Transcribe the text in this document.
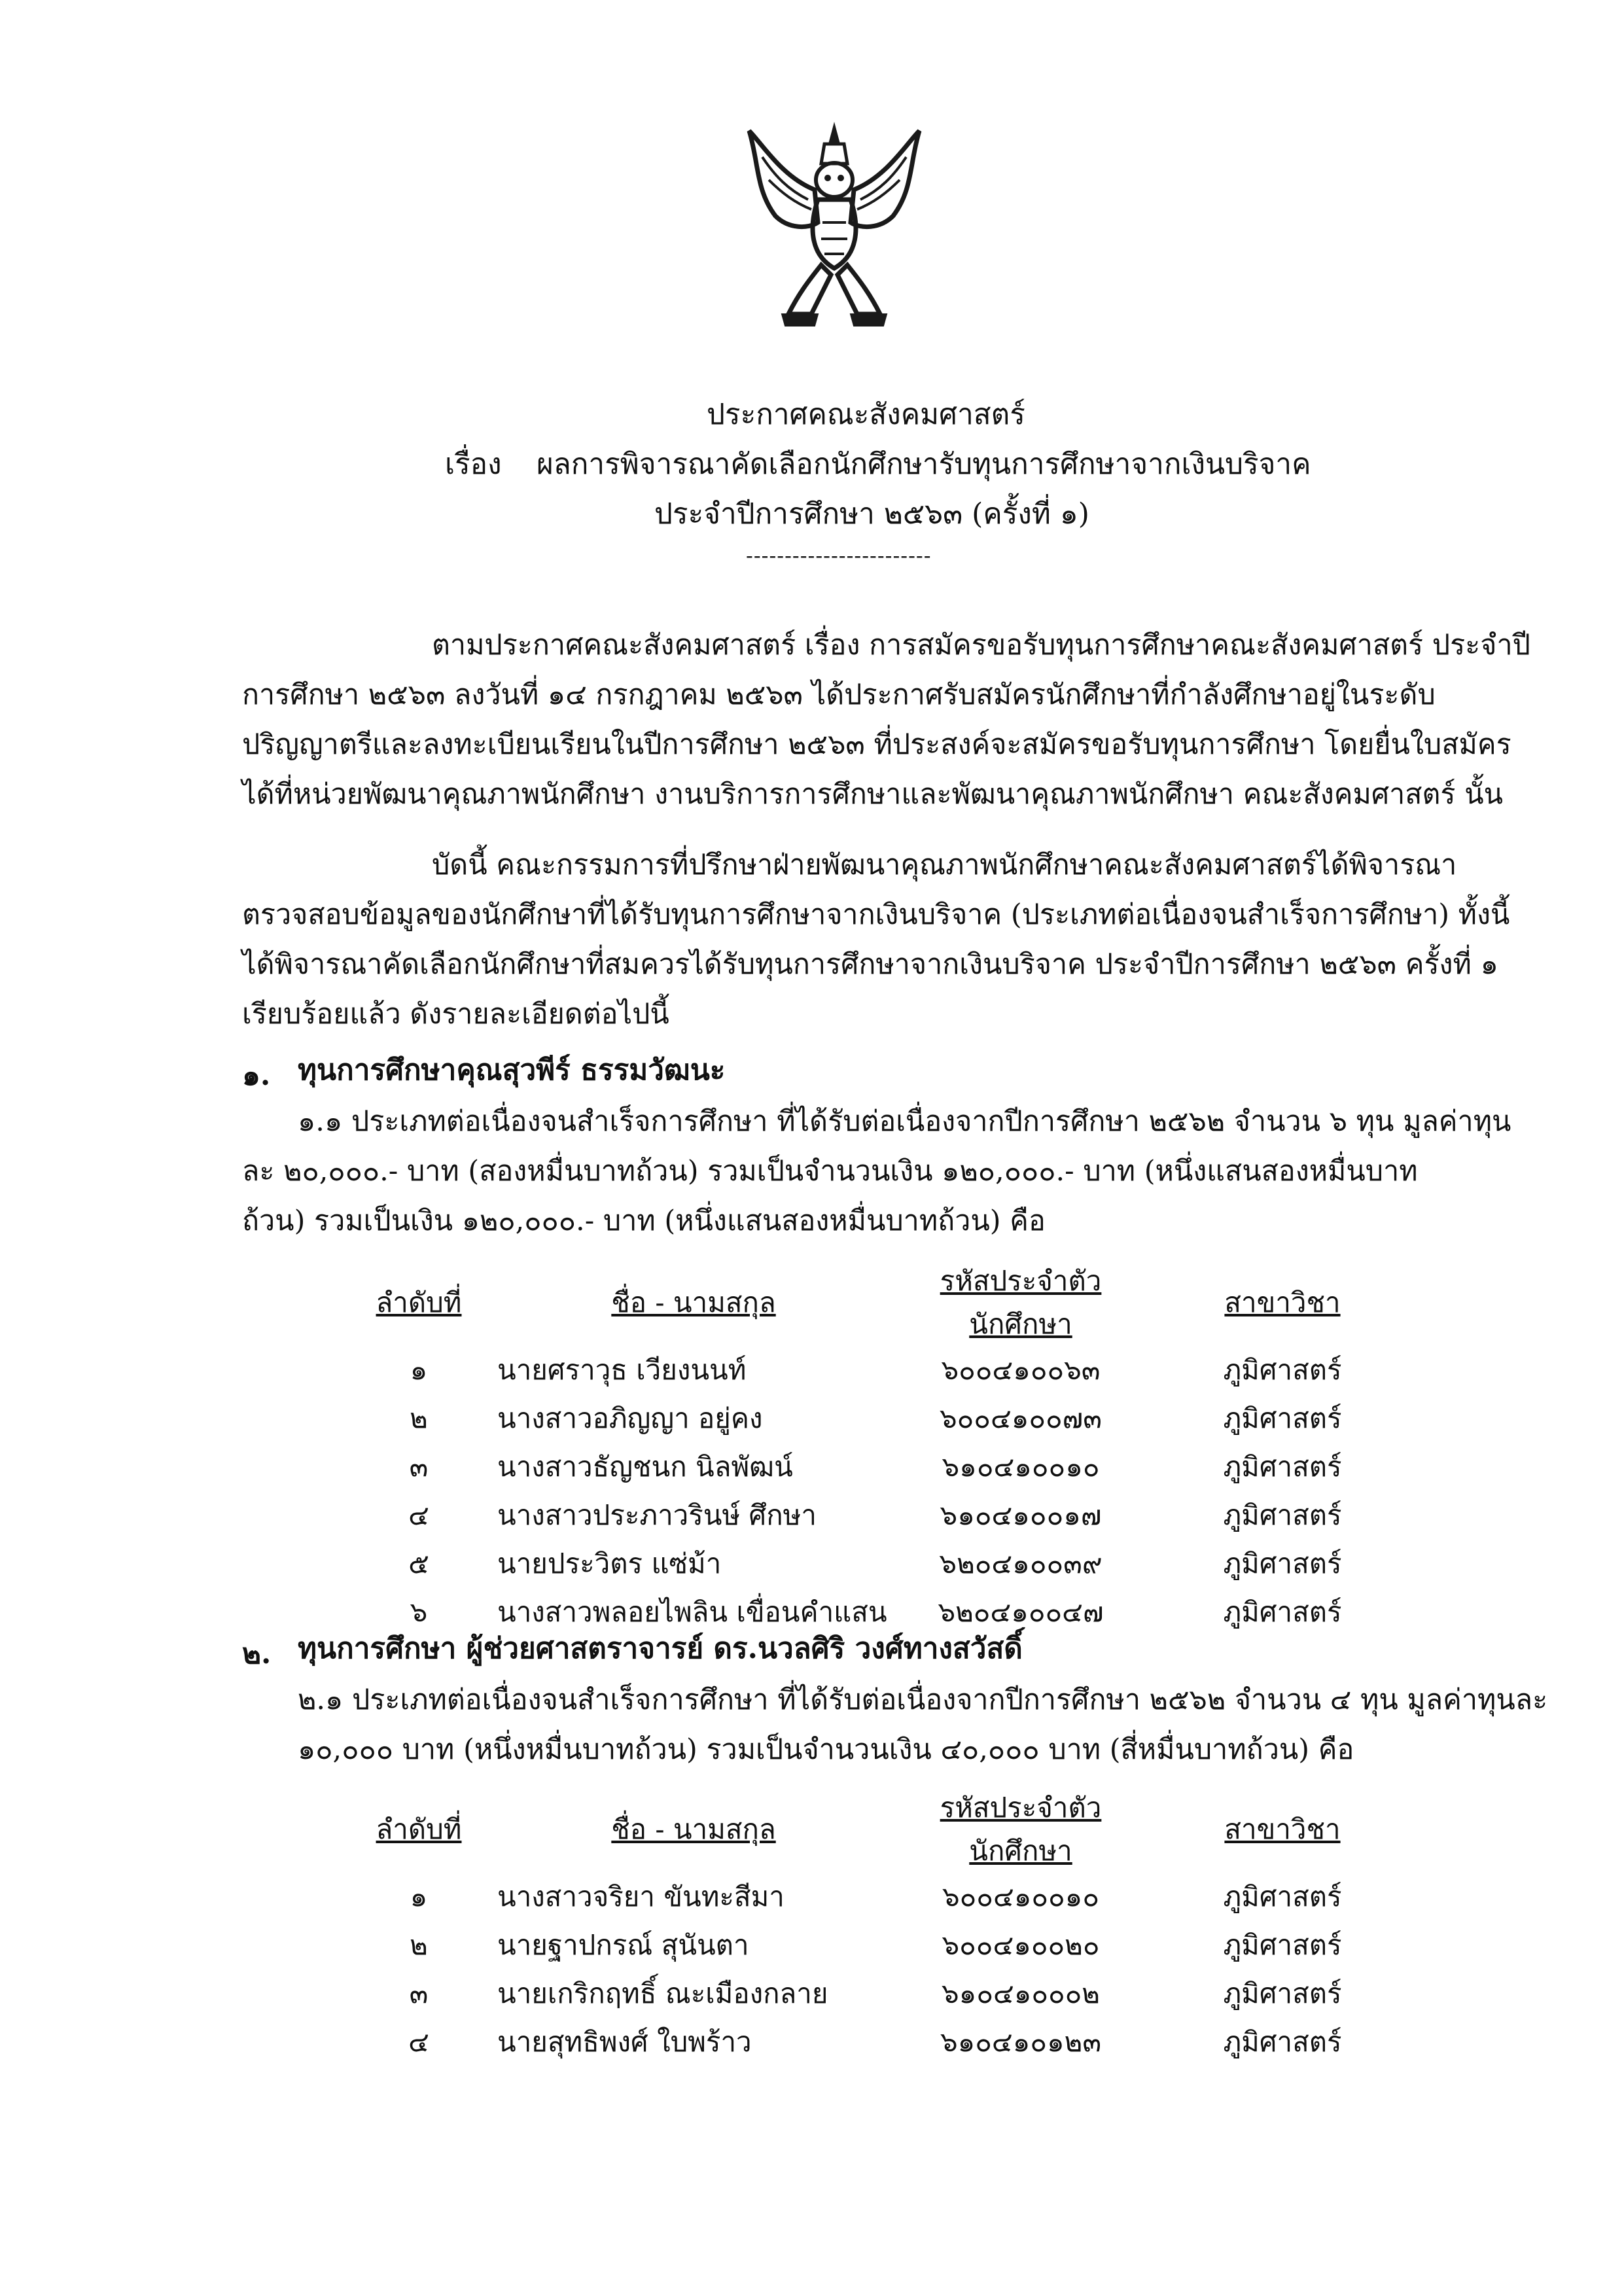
ประกาศคณะสังคมศาสตร์
เรื่อง ผลการพิจารณาคัดเลือกนักศึกษารับทุนการศึกษาจากเงินบริจาค
ประจำปีการศึกษา ๒๕๖๓ (ครั้งที่ ๑)
------------------------
ตามประกาศคณะสังคมศาสตร์ เรื่อง การสมัครขอรับทุนการศึกษาคณะสังคมศาสตร์ ประจำปี
การศึกษา ๒๕๖๓ ลงวันที่ ๑๔ กรกฎาคม ๒๕๖๓ ได้ประกาศรับสมัครนักศึกษาที่กำลังศึกษาอยู่ในระดับ
ปริญญาตรีและลงทะเบียนเรียนในปีการศึกษา ๒๕๖๓ ที่ประสงค์จะสมัครขอรับทุนการศึกษา โดยยื่นใบสมัคร
ได้ที่หน่วยพัฒนาคุณภาพนักศึกษา งานบริการการศึกษาและพัฒนาคุณภาพนักศึกษา คณะสังคมศาสตร์ นั้น
บัดนี้ คณะกรรมการที่ปรึกษาฝ่ายพัฒนาคุณภาพนักศึกษาคณะสังคมศาสตร์ได้พิจารณา
ตรวจสอบข้อมูลของนักศึกษาที่ได้รับทุนการศึกษาจากเงินบริจาค (ประเภทต่อเนื่องจนสำเร็จการศึกษา) ทั้งนี้
ได้พิจารณาคัดเลือกนักศึกษาที่สมควรได้รับทุนการศึกษาจากเงินบริจาค ประจำปีการศึกษา ๒๕๖๓ ครั้งที่ ๑
เรียบร้อยแล้ว ดังรายละเอียดต่อไปนี้
๑. ทุนการศึกษาคุณสุวพีร์ ธรรมวัฒนะ
๑.๑ ประเภทต่อเนื่องจนสำเร็จการศึกษา ที่ได้รับต่อเนื่องจากปีการศึกษา ๒๕๖๒ จำนวน ๖ ทุน มูลค่าทุน
ละ ๒๐,๐๐๐.- บาท (สองหมื่นบาทถ้วน) รวมเป็นจำนวนเงิน ๑๒๐,๐๐๐.- บาท (หนึ่งแสนสองหมื่นบาท
ถ้วน) รวมเป็นเงิน ๑๒๐,๐๐๐.- บาท (หนึ่งแสนสองหมื่นบาทถ้วน) คือ
ลำดับที่	ชื่อ - นามสกุล	รหัสประจำตัวนักศึกษา	สาขาวิชา
๑	นายศราวุธ เวียงนนท์	๖๐๐๔๑๐๐๖๓	ภูมิศาสตร์
๒	นางสาวอภิญญา อยู่คง	๖๐๐๔๑๐๐๗๓	ภูมิศาสตร์
๓	นางสาวธัญชนก นิลพัฒน์	๖๑๐๔๑๐๐๑๐	ภูมิศาสตร์
๔	นางสาวประภาวรินษ์ ศึกษา	๖๑๐๔๑๐๐๑๗	ภูมิศาสตร์
๕	นายประวิตร แซ่ม้า	๖๒๐๔๑๐๐๓๙	ภูมิศาสตร์
๖	นางสาวพลอยไพลิน เขื่อนคำแสน	๖๒๐๔๑๐๐๔๗	ภูมิศาสตร์
๒. ทุนการศึกษา ผู้ช่วยศาสตราจารย์ ดร.นวลศิริ วงศ์ทางสวัสดิ์
๒.๑ ประเภทต่อเนื่องจนสำเร็จการศึกษา ที่ได้รับต่อเนื่องจากปีการศึกษา ๒๕๖๒ จำนวน ๔ ทุน มูลค่าทุนละ
๑๐,๐๐๐ บาท (หนึ่งหมื่นบาทถ้วน) รวมเป็นจำนวนเงิน ๔๐,๐๐๐ บาท (สี่หมื่นบาทถ้วน) คือ
ลำดับที่	ชื่อ - นามสกุล	รหัสประจำตัวนักศึกษา	สาขาวิชา
๑	นางสาวจริยา ขันทะสีมา	๖๐๐๔๑๐๐๑๐	ภูมิศาสตร์
๒	นายฐาปกรณ์ สุนันตา	๖๐๐๔๑๐๐๒๐	ภูมิศาสตร์
๓	นายเกริกฤทธิ์ ณะเมืองกลาย	๖๑๐๔๑๐๐๐๒	ภูมิศาสตร์
๔	นายสุทธิพงศ์ ใบพร้าว	๖๑๐๔๑๐๑๒๓	ภูมิศาสตร์
